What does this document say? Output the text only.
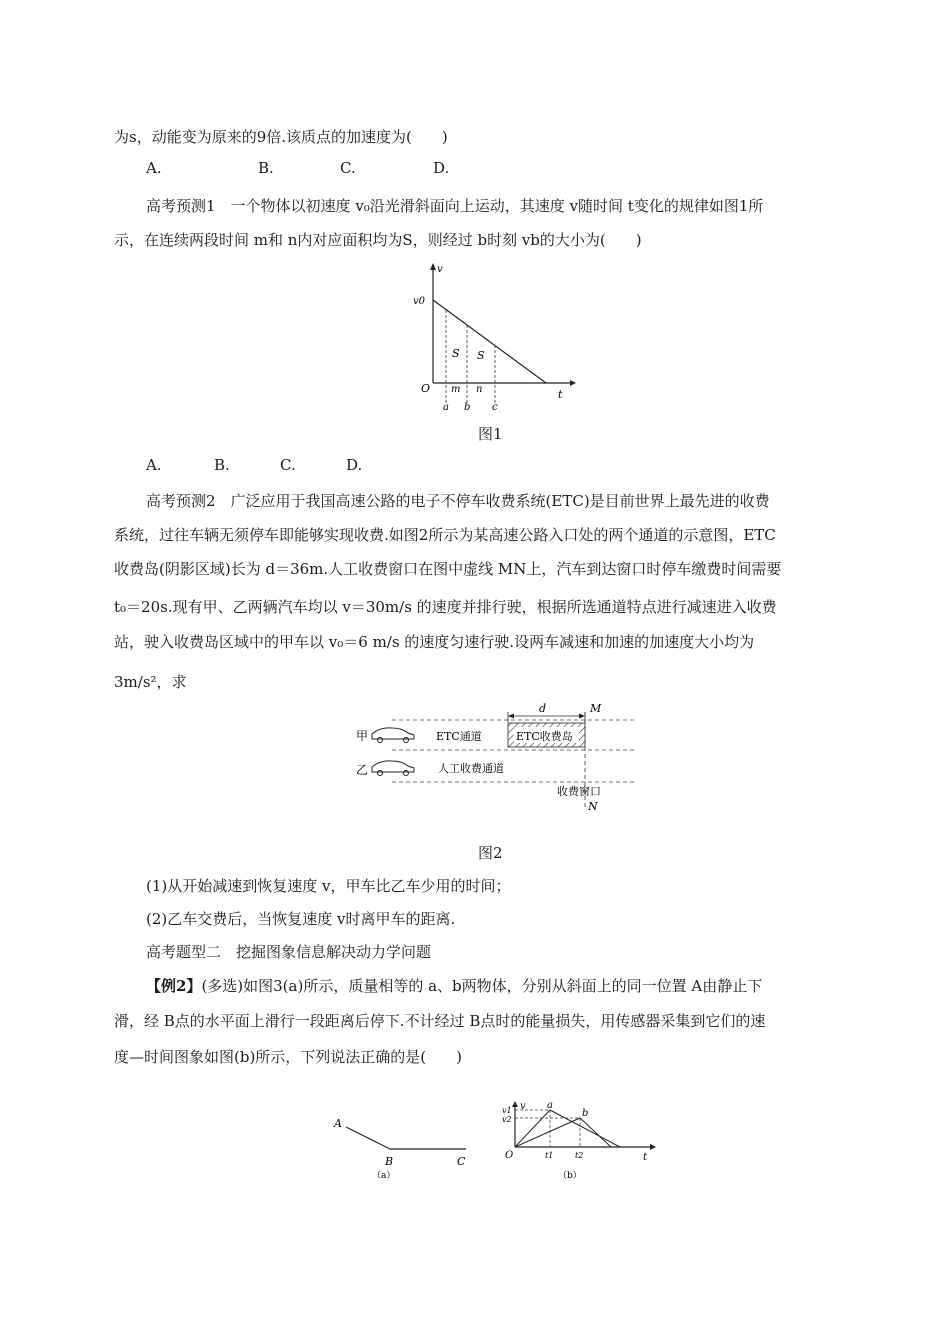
为s，动能变为原来的9倍.该质点的加速度为(　　)
A.	B.	C.	D.
高考预测1　一个物体以初速度 v₀沿光滑斜面向上运动，其速度 v随时间 t变化的规律如图1所
示，在连续两段时间 m和 n内对应面积均为S，则经过 b时刻 vb的大小为(　　)
v
t
v0
O
S S
m n
a b c
图1
A.	B.	C.	D.
高考预测2　广泛应用于我国高速公路的电子不停车收费系统(ETC)是目前世界上最先进的收费
系统，过往车辆无须停车即能够实现收费.如图2所示为某高速公路入口处的两个通道的示意图，ETC
收费岛(阴影区域)长为 d＝36m.人工收费窗口在图中虚线 MN上，汽车到达窗口时停车缴费时间需要
t₀＝20s.现有甲、乙两辆汽车均以 v＝30m/s 的速度并排行驶，根据所选通道特点进行减速进入收费
站，驶入收费岛区域中的甲车以 v₀＝6 m/s 的速度匀速行驶.设两车减速和加速的加速度大小均为
3m/s²，求
甲
乙
ETC通道	ETC收费岛
人工收费通道
收费窗口
d	M
N
图2
(1)从开始减速到恢复速度 v，甲车比乙车少用的时间；
(2)乙车交费后，当恢复速度 v时离甲车的距离.
高考题型二　挖掘图象信息解决动力学问题
【例2】(多选)如图3(a)所示，质量相等的 a、b两物体，分别从斜面上的同一位置 A由静止下
滑，经 B点的水平面上滑行一段距离后停下.不计经过 B点时的能量损失，用传感器采集到它们的速
度—时间图象如图(b)所示，下列说法正确的是(　　)
A
B	C
（a）
v
t
O
a
b
v1
v2
t1	t2
（b）
